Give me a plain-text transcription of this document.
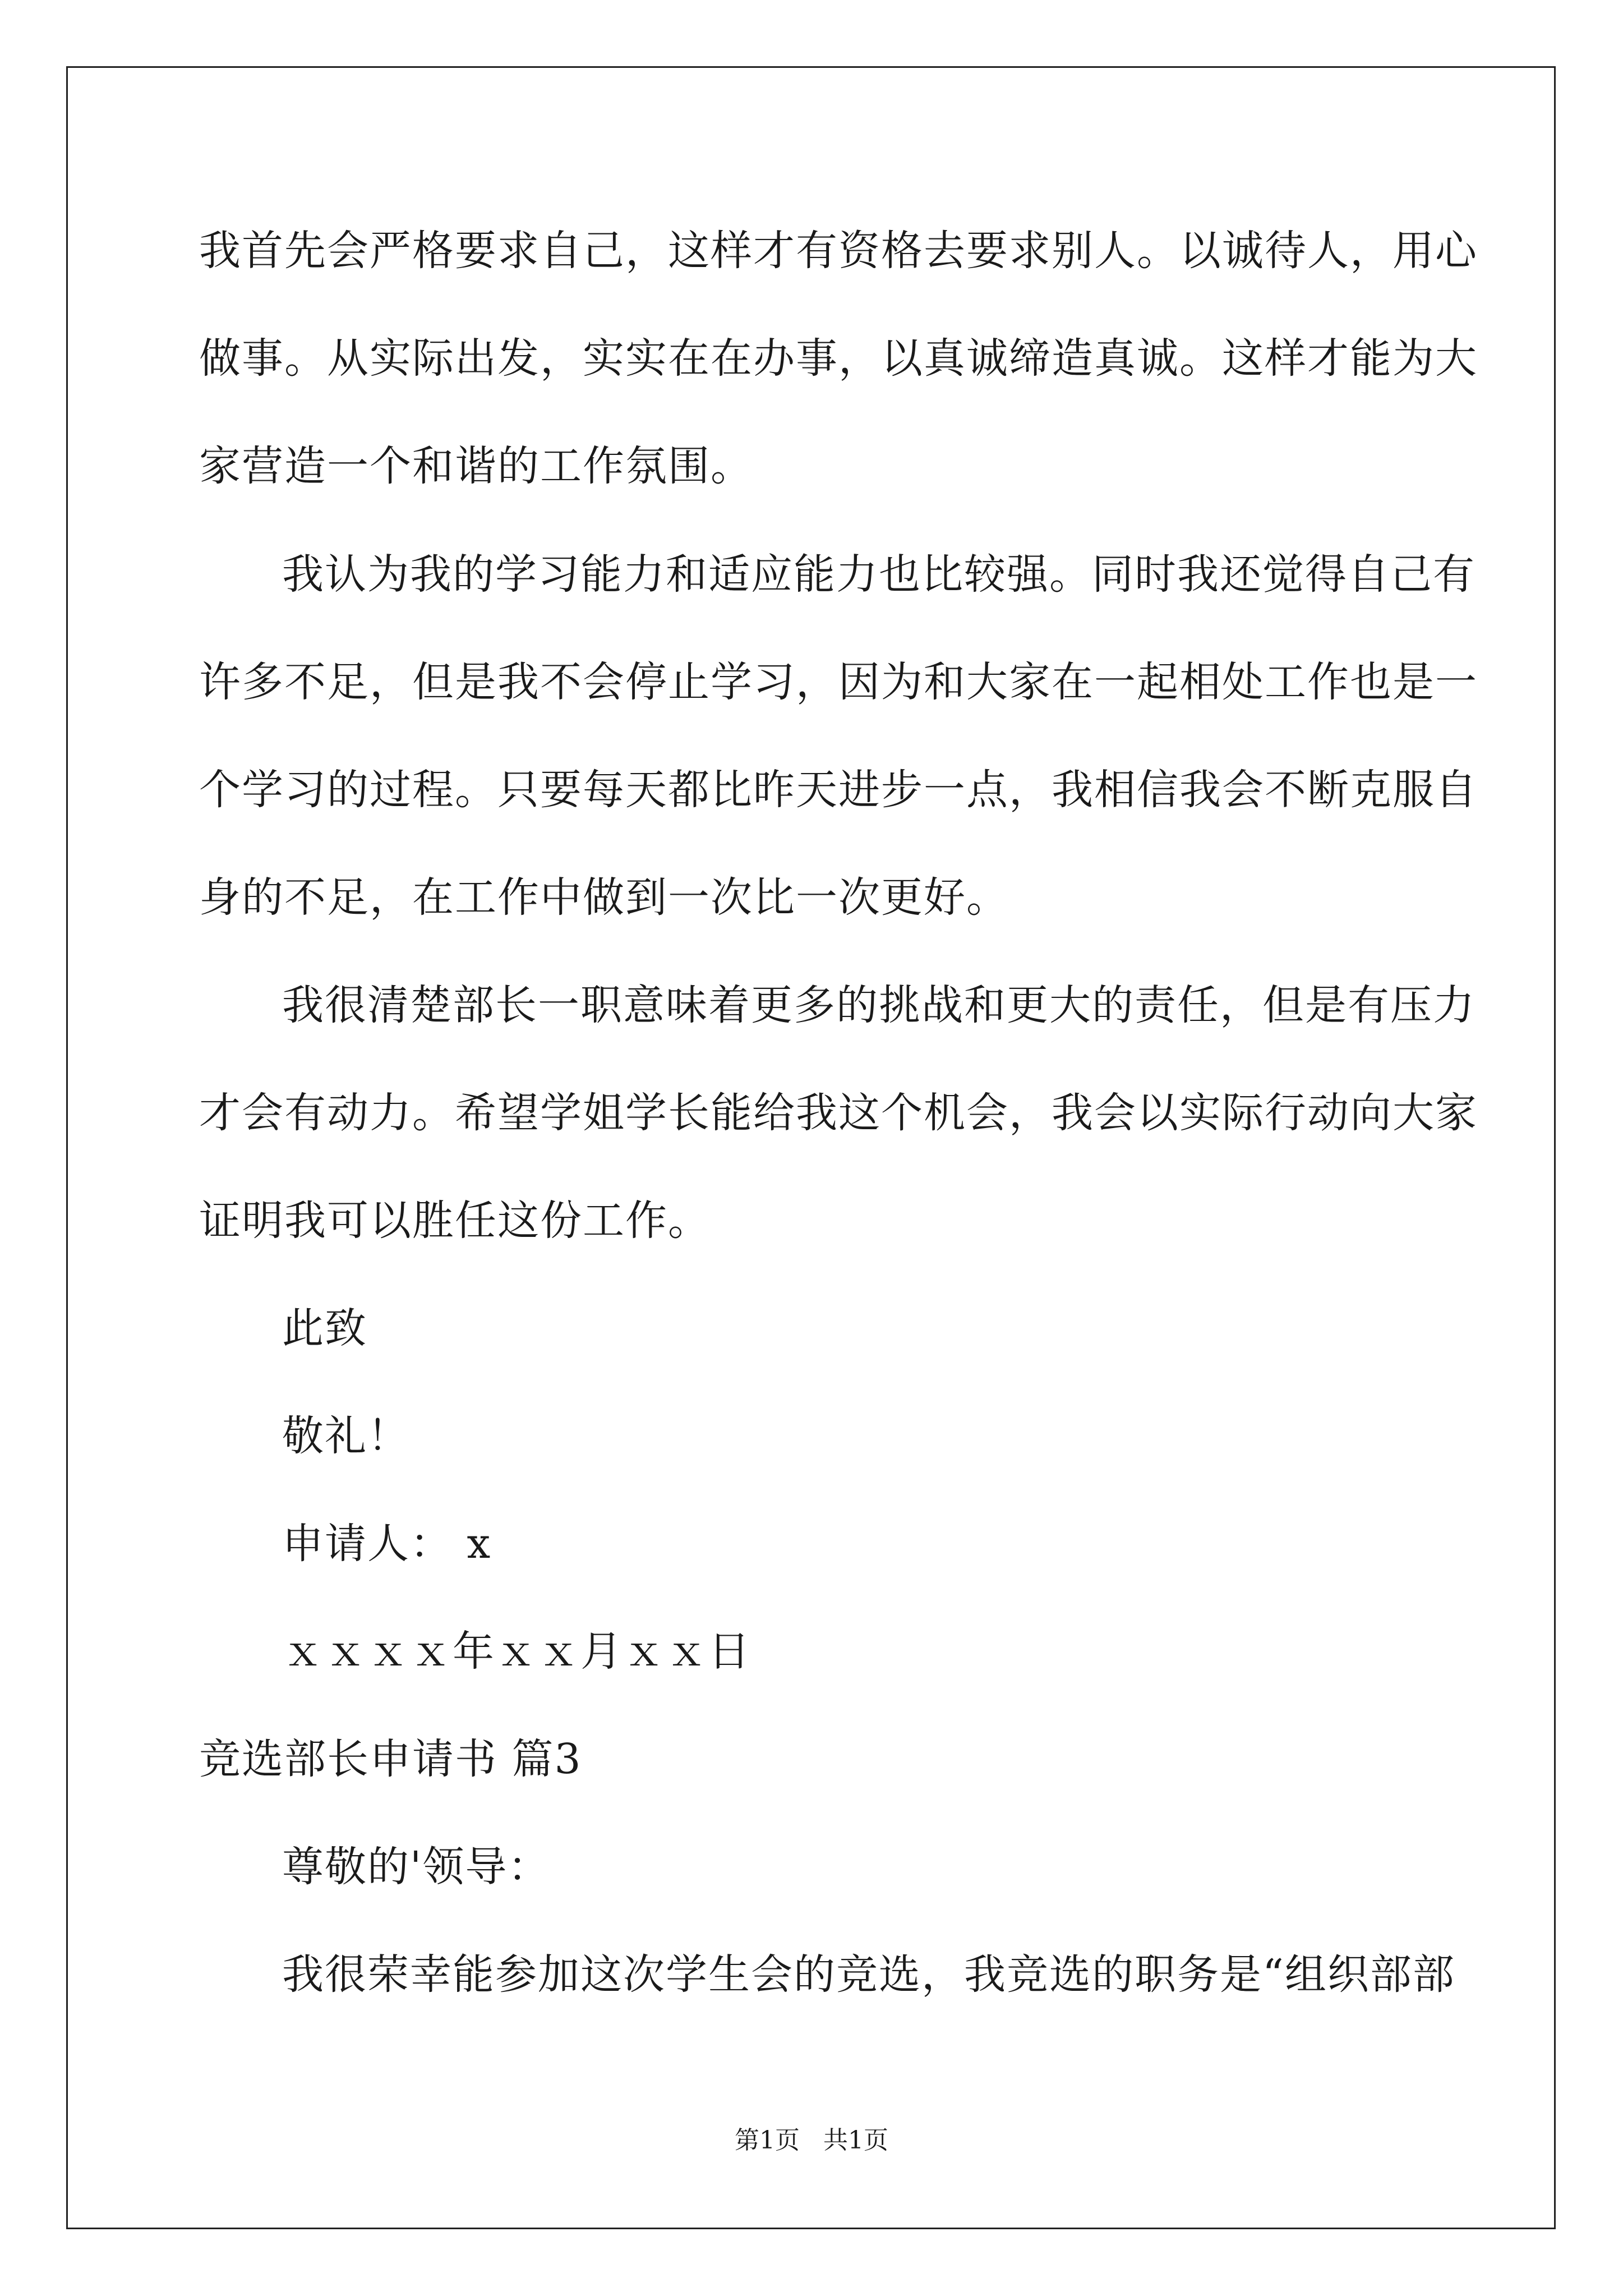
我首先会严格要求自己，这样才有资格去要求别人。以诚待人，用心
做事。从实际出发，实实在在办事，以真诚缔造真诚。这样才能为大
家营造一个和谐的工作氛围。
我认为我的学习能力和适应能力也比较强。同时我还觉得自己有
许多不足，但是我不会停止学习，因为和大家在一起相处工作也是一
个学习的过程。只要每天都比昨天进步一点，我相信我会不断克服自
身的不足，在工作中做到一次比一次更好。
我很清楚部长一职意味着更多的挑战和更大的责任，但是有压力
才会有动力。希望学姐学长能给我这个机会，我会以实际行动向大家
证明我可以胜任这份工作。
此致
敬礼！
申请人： x
ｘｘｘｘ年ｘｘ月ｘｘ日
竞选部长申请书 篇3
尊敬的'领导：
我很荣幸能参加这次学生会的竞选，我竞选的职务是“组织部部
第1页 共1页
